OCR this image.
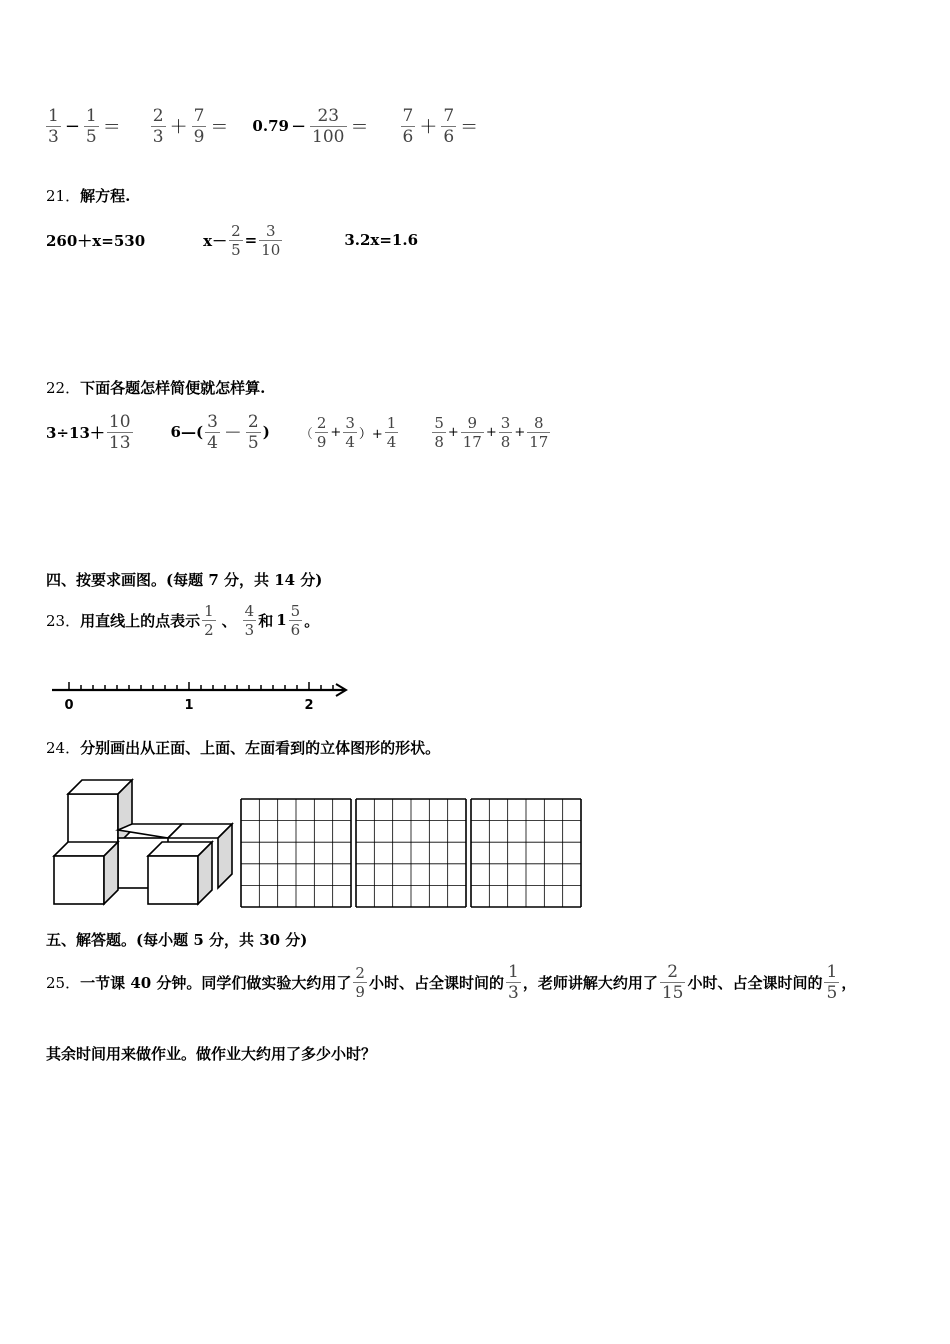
$\frac{1}{3} - \frac{1}{5} = \frac{2}{3} + \frac{7}{9} = 0.79 - \frac{23}{100} = \frac{7}{6} + \frac{7}{6}$ ＝
21． 解方程.
260＋x=530	$x- \frac{2}{5} = \frac{3}{10}$	3.2x=1.6
22． 下面各题怎样简便就怎样算.
$3\div 13+ \frac{10}{13}$	6—( $\frac{3}{4} - \frac{2}{5}$ ) （ $\frac{2}{9} + \frac{3}{4}$ ）+ $\frac{1}{4} \frac{5}{8} + \frac{9}{17} + \frac{3}{8} + \frac{8}{17}$
四、按要求画图。(每题 7 分，共 14 分)
23． 用直线上的点表示 $\frac{1}{2}$ 、 $\frac{4}{3}$ 和 $1 \frac{5}{6}$ 。
0	1	2
24． 分别画出从正面、上面、左面看到的立体图形的形状。
五、解答题。(每小题 5 分，共 30 分)
25． 一节课 40 分钟。同学们做实验大约用了 $\frac{2}{9}$ 小时、占全课时间的 $\frac{1}{3}$ ，老师讲解大约用了 $\frac{2}{15}$ 小时、占全课时间的 $\frac{1}{5}$ ，
其余时间用来做作业。做作业大约用了多少小时？
